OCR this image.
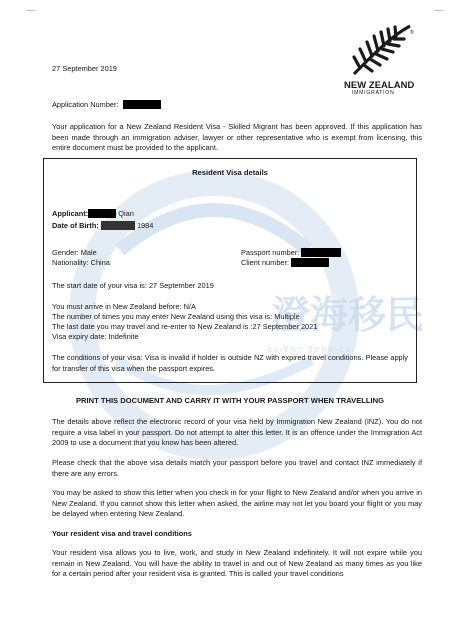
澄海移民
CLIENT SERVICE
®
NEW ZEALAND
IMMIGRATION
27 September 2019
Application Number:
Your application for a New Zealand Resident Visa - Skilled Migrant has been approved. If this application has been made through an immigration adviser, lawyer or other representative who is exempt from licensing, this entire document must be provided to the applicant.
Resident Visa details
Applicant:	Qian
Date of Birth:	1984
Gender: Male
Nationality: China
Passport number:
Client number:
The start date of your visa is: 27 September 2019
You must arrive in New Zealand before: N/A
The number of times you may enter New Zealand using this visa is: Multiple
The last date you may travel and re-enter to New Zealand is :27 September 2021
Visa expiry date: Indefinite
The conditions of your visa: Visa is invalid if holder is outside NZ with expired travel conditions. Please apply for transfer of this visa when the passport expires.
PRINT THIS DOCUMENT AND CARRY IT WITH YOUR PASSPORT WHEN TRAVELLING
The details above reflect the electronic record of your visa held by Immigration New Zealand (INZ). You do not require a visa label in your passport. Do not attempt to alter this letter. It is an offence under the Immigration Act 2009 to use a document that you know has been altered.
Please check that the above visa details match your passport before you travel and contact INZ immediately if there are any errors.
You may be asked to show this letter when you check in for your flight to New Zealand and/or when you arrive in New Zealand. If you cannot show this letter when asked, the airline may not let you board your flight or you may be delayed when entering New Zealand.
Your resident visa and travel conditions
Your resident visa allows you to live, work, and study in New Zealand indefinitely. It will not expire while you remain in New Zealand. You will have the ability to travel in and out of New Zealand as many times as you like for a certain period after your resident visa is granted. This is called your travel conditions
